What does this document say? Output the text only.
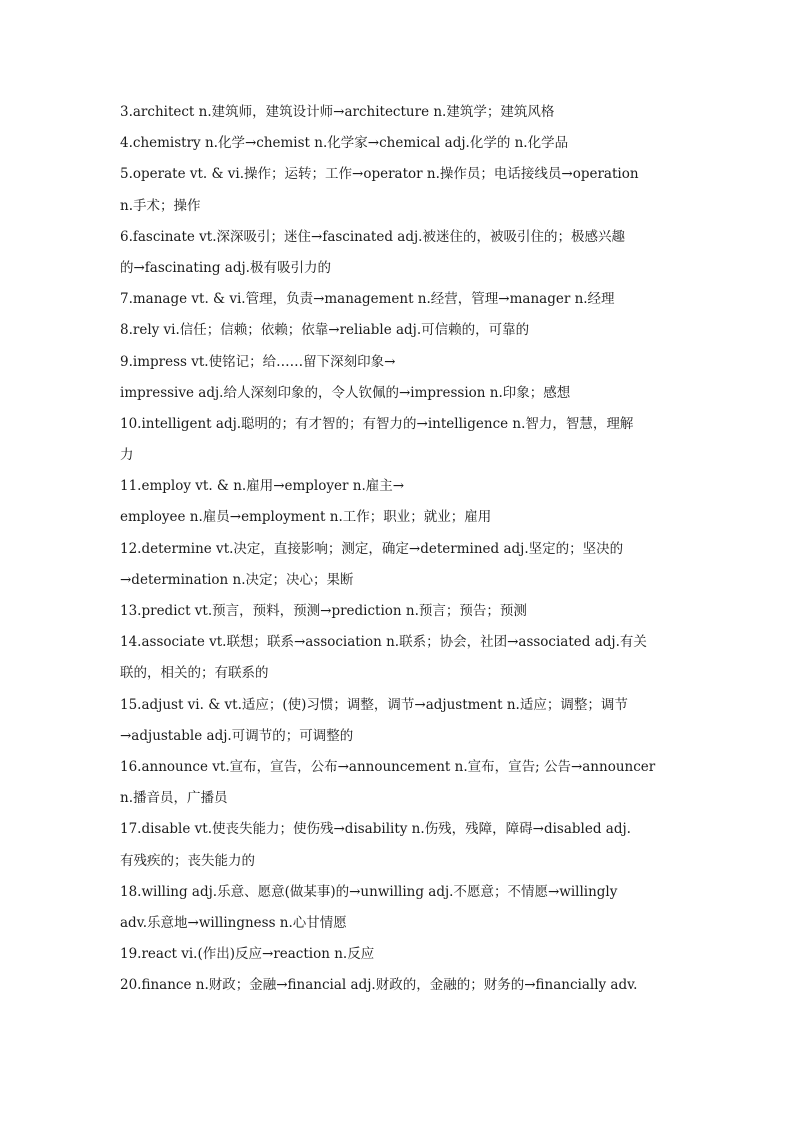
3.architect n.建筑师，建筑设计师→architecture n.建筑学；建筑风格
4.chemistry n.化学→chemist n.化学家→chemical adj.化学的 n.化学品
5.operate vt. & vi.操作；运转；工作→operator n.操作员；电话接线员→operation
n.手术；操作
6.fascinate vt.深深吸引；迷住→fascinated adj.被迷住的，被吸引住的；极感兴趣
的→fascinating adj.极有吸引力的
7.manage vt. & vi.管理，负责→management n.经营，管理→manager n.经理
8.rely vi.信任；信赖；依赖；依靠→reliable adj.可信赖的，可靠的
9.impress vt.使铭记；给……留下深刻印象→
impressive adj.给人深刻印象的，令人钦佩的→impression n.印象；感想
10.intelligent adj.聪明的；有才智的；有智力的→intelligence n.智力，智慧，理解
力
11.employ vt. & n.雇用→employer n.雇主→
employee n.雇员→employment n.工作；职业；就业；雇用
12.determine vt.决定，直接影响；测定，确定→determined adj.坚定的；坚决的
→determination n.决定；决心；果断
13.predict vt.预言，预料，预测→prediction n.预言；预告；预测
14.associate vt.联想；联系→association n.联系；协会，社团→associated adj.有关
联的，相关的；有联系的
15.adjust vi. & vt.适应；(使)习惯；调整，调节→adjustment n.适应；调整；调节
→adjustable adj.可调节的；可调整的
16.announce vt.宣布，宣告，公布→announcement n.宣布，宣告; 公告→announcer
n.播音员，广播员
17.disable vt.使丧失能力；使伤残→disability n.伤残，残障，障碍→disabled adj.
有残疾的；丧失能力的
18.willing adj.乐意、愿意(做某事)的→unwilling adj.不愿意；不情愿→willingly
adv.乐意地→willingness n.心甘情愿
19.react vi.(作出)反应→reaction n.反应
20.finance n.财政；金融→financial adj.财政的，金融的；财务的→financially adv.
